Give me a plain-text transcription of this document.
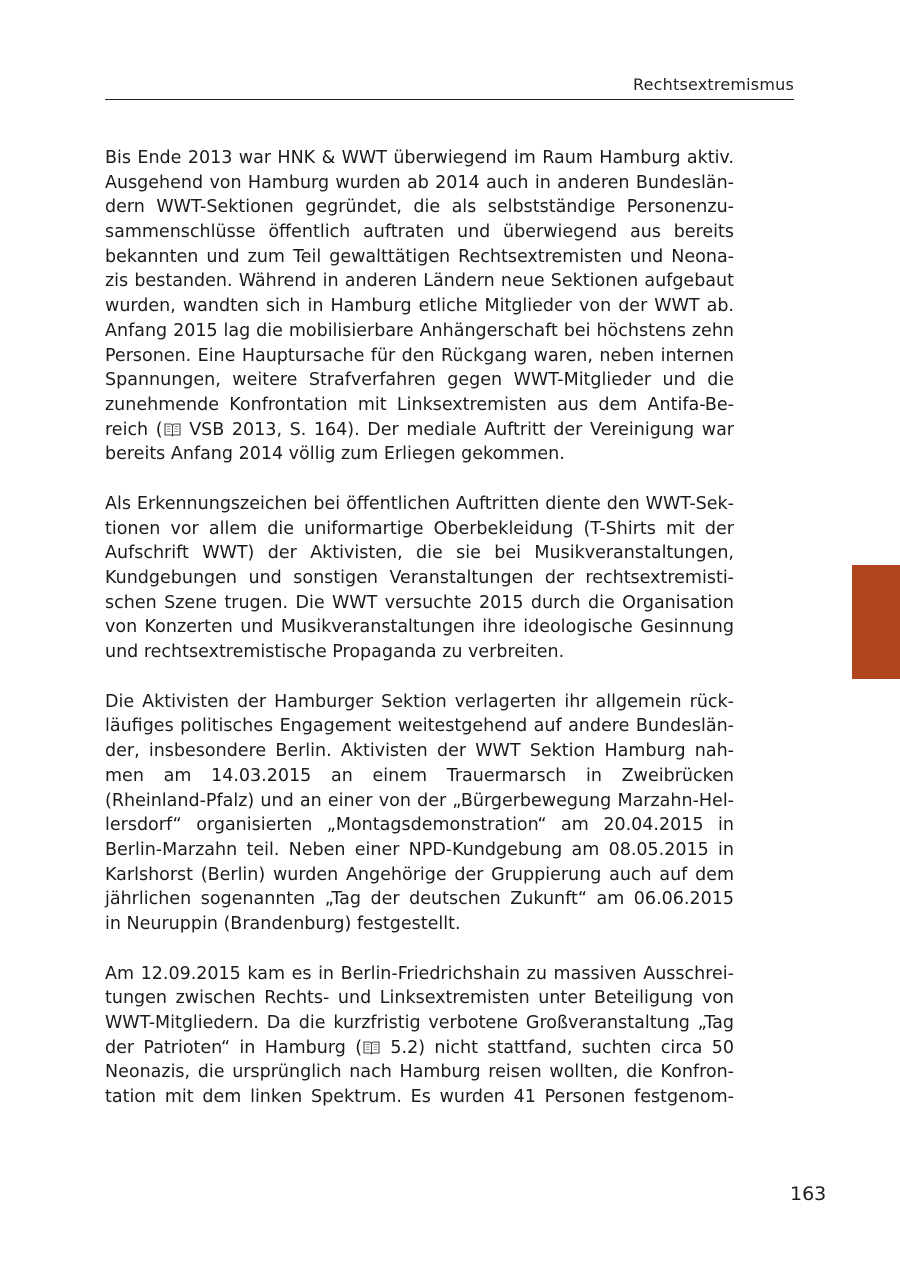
Rechtsextremismus

Bis Ende 2013 war HNK & WWT überwiegend im Raum Hamburg aktiv.
Ausgehend von Hamburg wurden ab 2014 auch in anderen Bundeslän-
dern WWT-Sektionen gegründet, die als selbstständige Personenzu-
sammenschlüsse öffentlich auftraten und überwiegend aus bereits
bekannten und zum Teil gewalttätigen Rechtsextremisten und Neona-
zis bestanden. Während in anderen Ländern neue Sektionen aufgebaut
wurden, wandten sich in Hamburg etliche Mitglieder von der WWT ab.
Anfang 2015 lag die mobilisierbare Anhängerschaft bei höchstens zehn
Personen. Eine Hauptursache für den Rückgang waren, neben internen
Spannungen, weitere Strafverfahren gegen WWT-Mitglieder und die
zunehmende Konfrontation mit Linksextremisten aus dem Antifa-Be-
reich ( VSB 2013, S. 164). Der mediale Auftritt der Vereinigung war
bereits Anfang 2014 völlig zum Erliegen gekommen.

Als Erkennungszeichen bei öffentlichen Auftritten diente den WWT-Sek-
tionen vor allem die uniformartige Oberbekleidung (T-Shirts mit der
Aufschrift WWT) der Aktivisten, die sie bei Musikveranstaltungen,
Kundgebungen und sonstigen Veranstaltungen der rechtsextremisti-
schen Szene trugen. Die WWT versuchte 2015 durch die Organisation
von Konzerten und Musikveranstaltungen ihre ideologische Gesinnung
und rechtsextremistische Propaganda zu verbreiten.

Die Aktivisten der Hamburger Sektion verlagerten ihr allgemein rück-
läufiges politisches Engagement weitestgehend auf andere Bundeslän-
der, insbesondere Berlin. Aktivisten der WWT Sektion Hamburg nah-
men am 14.03.2015 an einem Trauermarsch in Zweibrücken
(Rheinland-Pfalz) und an einer von der „Bürgerbewegung Marzahn-Hel-
lersdorf“ organisierten „Montagsdemonstration“ am 20.04.2015 in
Berlin-Marzahn teil. Neben einer NPD-Kundgebung am 08.05.2015 in
Karlshorst (Berlin) wurden Angehörige der Gruppierung auch auf dem
jährlichen sogenannten „Tag der deutschen Zukunft“ am 06.06.2015
in Neuruppin (Brandenburg) festgestellt.

Am 12.09.2015 kam es in Berlin-Friedrichshain zu massiven Ausschrei-
tungen zwischen Rechts- und Linksextremisten unter Beteiligung von
WWT-Mitgliedern. Da die kurzfristig verbotene Großveranstaltung „Tag
der Patrioten“ in Hamburg ( 5.2) nicht stattfand, suchten circa 50
Neonazis, die ursprünglich nach Hamburg reisen wollten, die Konfron-
tation mit dem linken Spektrum. Es wurden 41 Personen festgenom-

163
